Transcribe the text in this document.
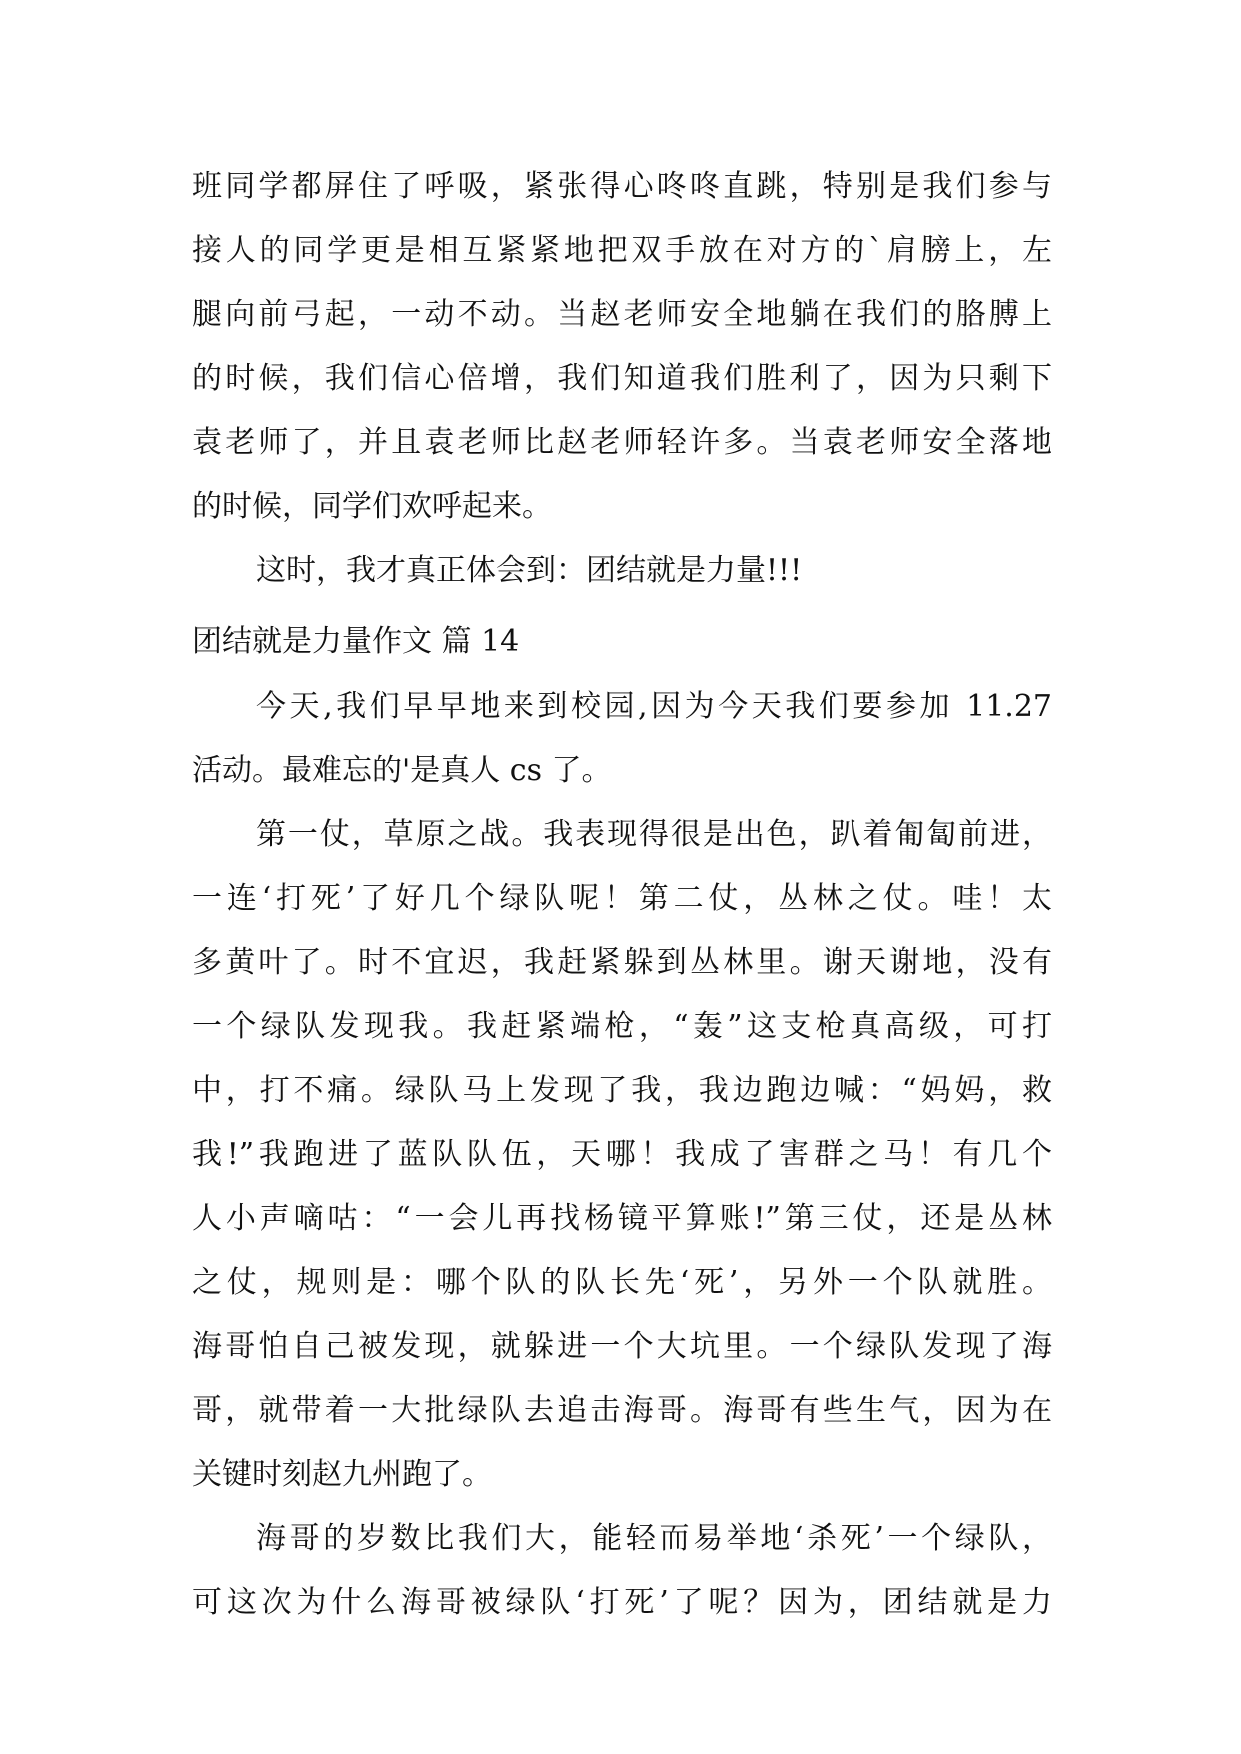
班同学都屏住了呼吸，紧张得心咚咚直跳，特别是我们参与
接人的同学更是相互紧紧地把双手放在对方的`肩膀上，左
腿向前弓起，一动不动。当赵老师安全地躺在我们的胳膊上
的时候，我们信心倍增，我们知道我们胜利了，因为只剩下
袁老师了，并且袁老师比赵老师轻许多。当袁老师安全落地
的时候，同学们欢呼起来。
这时，我才真正体会到：团结就是力量!!!
团结就是力量作文 篇 14
今天,我们早早地来到校园,因为今天我们要参加 11.27
活动。最难忘的'是真人 cs 了。
第一仗，草原之战。我表现得很是出色，趴着匍匐前进，
一连‘打死’了好几个绿队呢！第二仗，丛林之仗。哇！太
多黄叶了。时不宜迟，我赶紧躲到丛林里。谢天谢地，没有
一个绿队发现我。我赶紧端枪，“轰”这支枪真高级，可打
中，打不痛。绿队马上发现了我，我边跑边喊：“妈妈，救
我!”我跑进了蓝队队伍，天哪！我成了害群之马！有几个
人小声嘀咕：“一会儿再找杨镜平算账!”第三仗，还是丛林
之仗，规则是：哪个队的队长先‘死’，另外一个队就胜。
海哥怕自己被发现，就躲进一个大坑里。一个绿队发现了海
哥，就带着一大批绿队去追击海哥。海哥有些生气，因为在
关键时刻赵九州跑了。
海哥的岁数比我们大，能轻而易举地‘杀死’一个绿队，
可这次为什么海哥被绿队‘打死’了呢？因为，团结就是力
